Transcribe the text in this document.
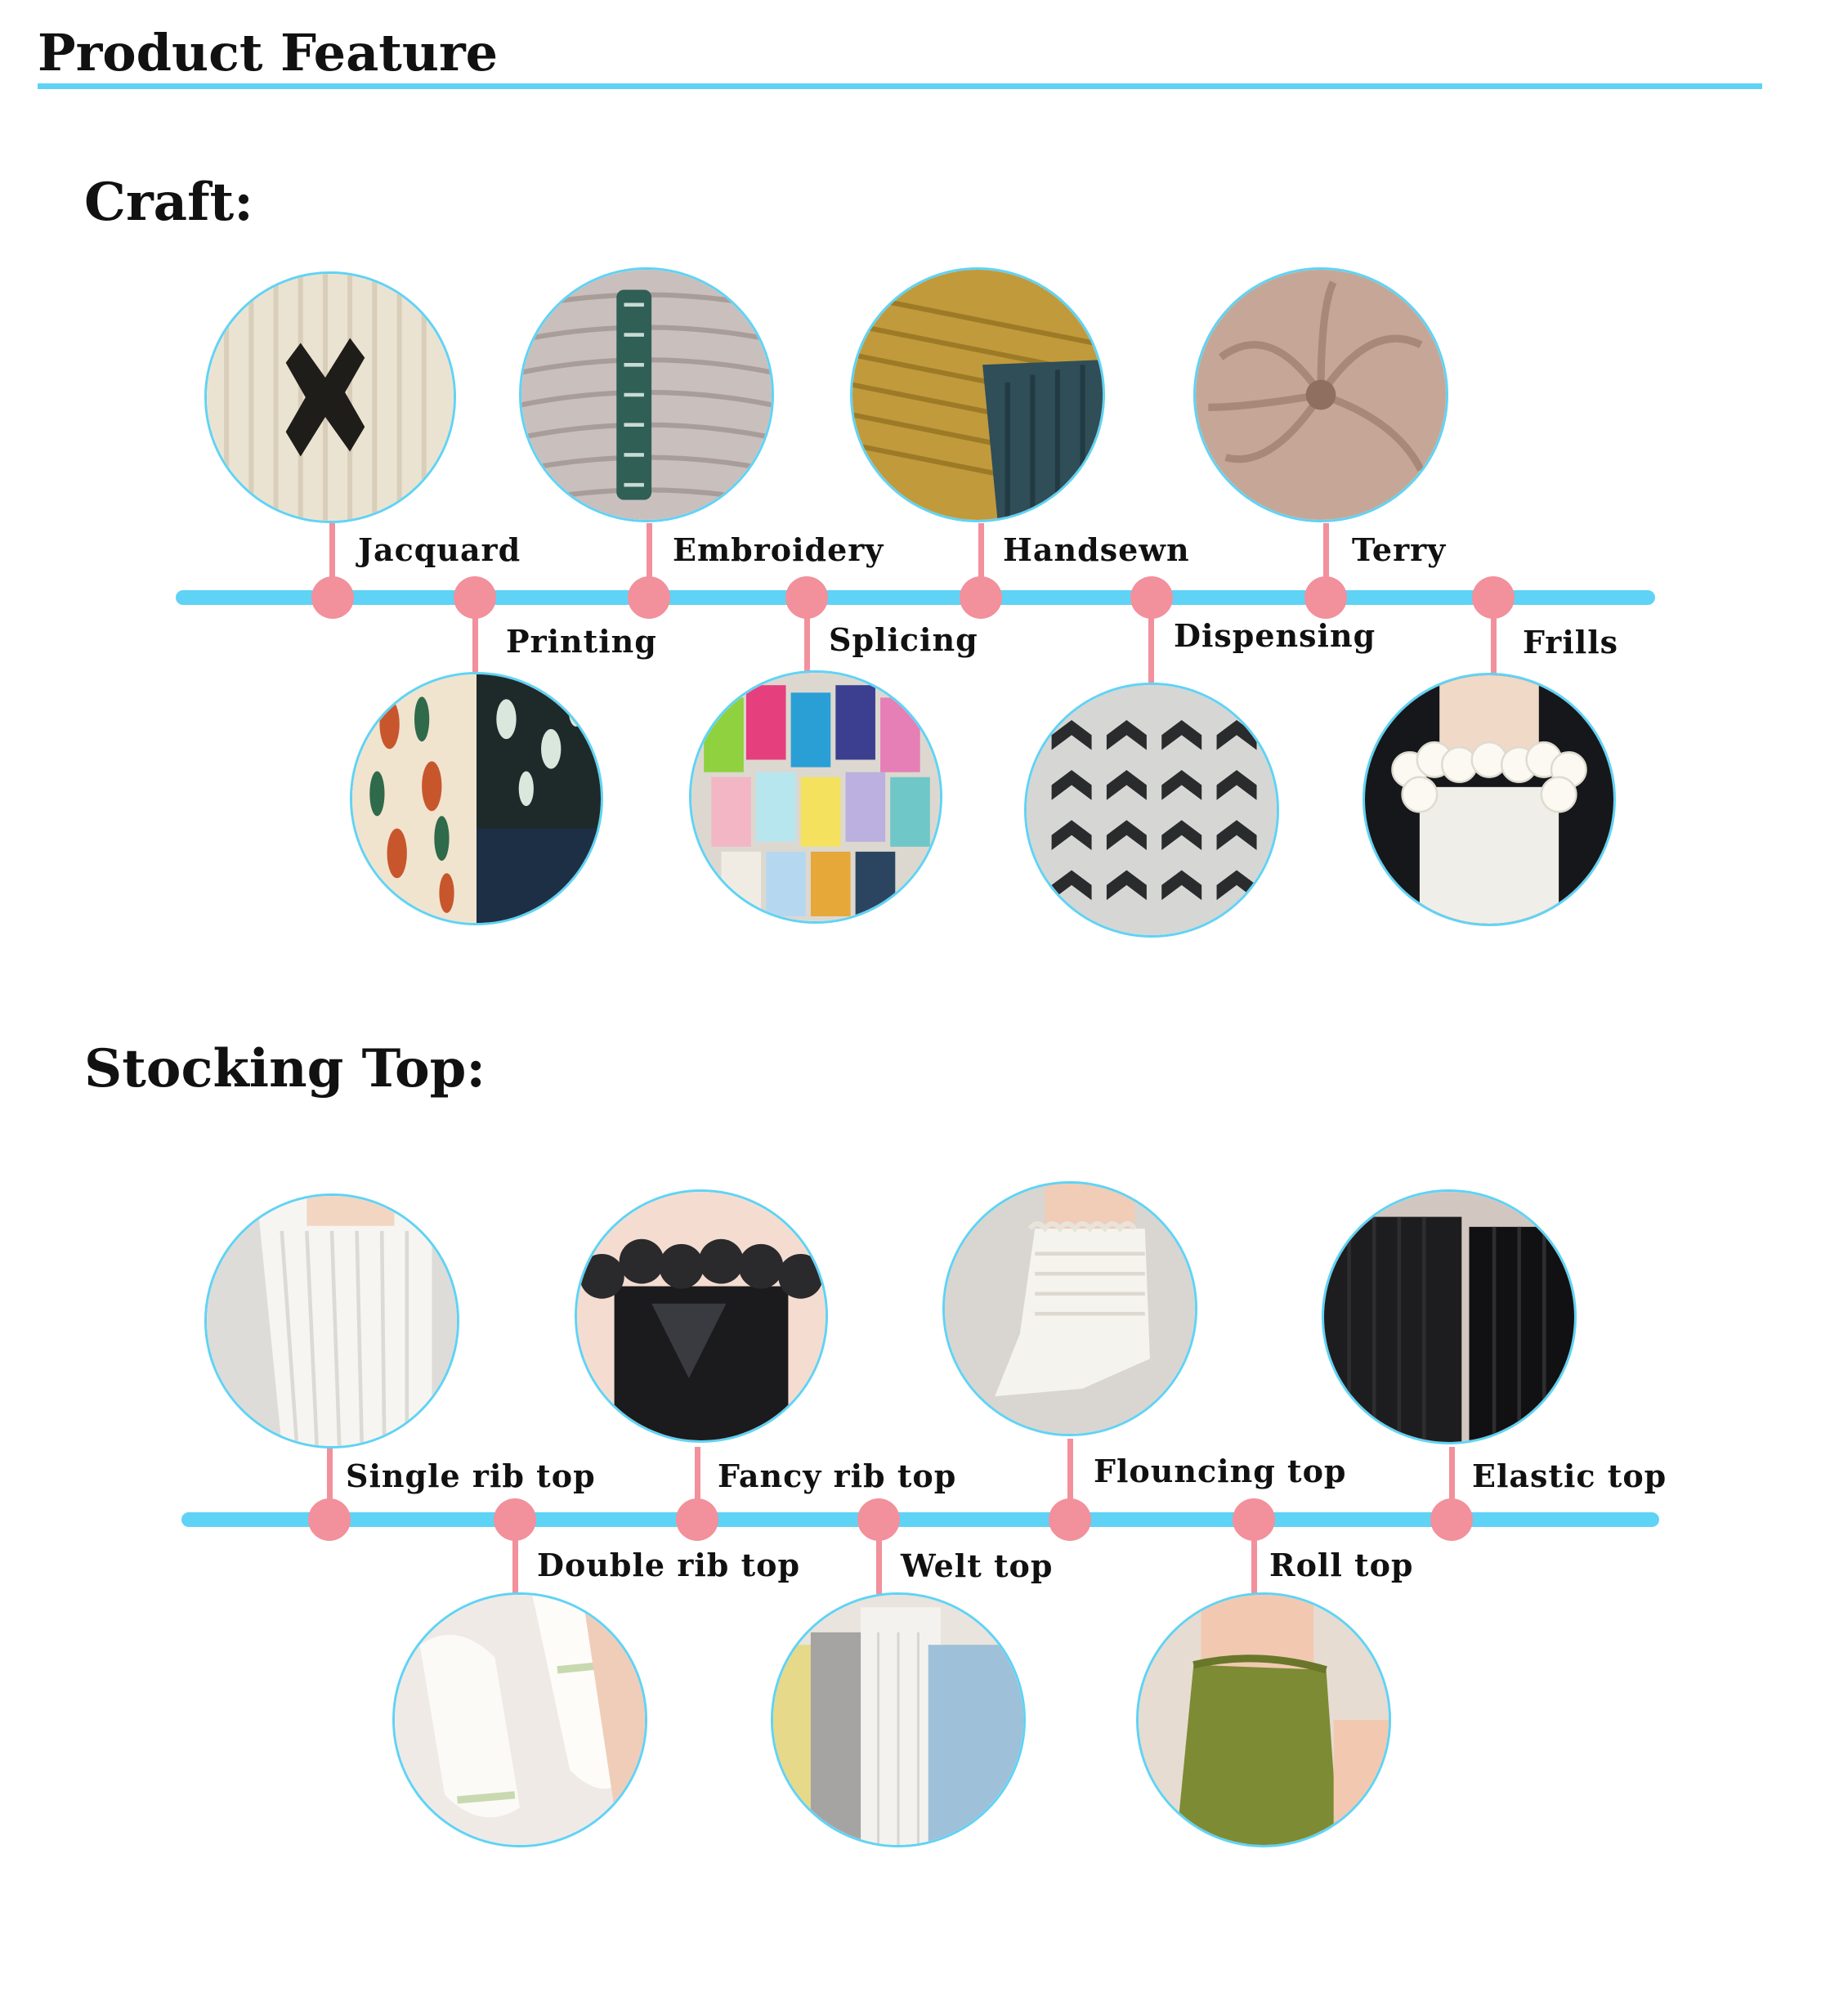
Product Feature
Craft:
Jacquard
Printing
Embroidery
Splicing
Handsewn
Dispensing
Terry
Frills
Stocking Top:
Single rib top
Double rib top
Fancy rib top
Welt top
Flouncing top
Roll top
Elastic top
